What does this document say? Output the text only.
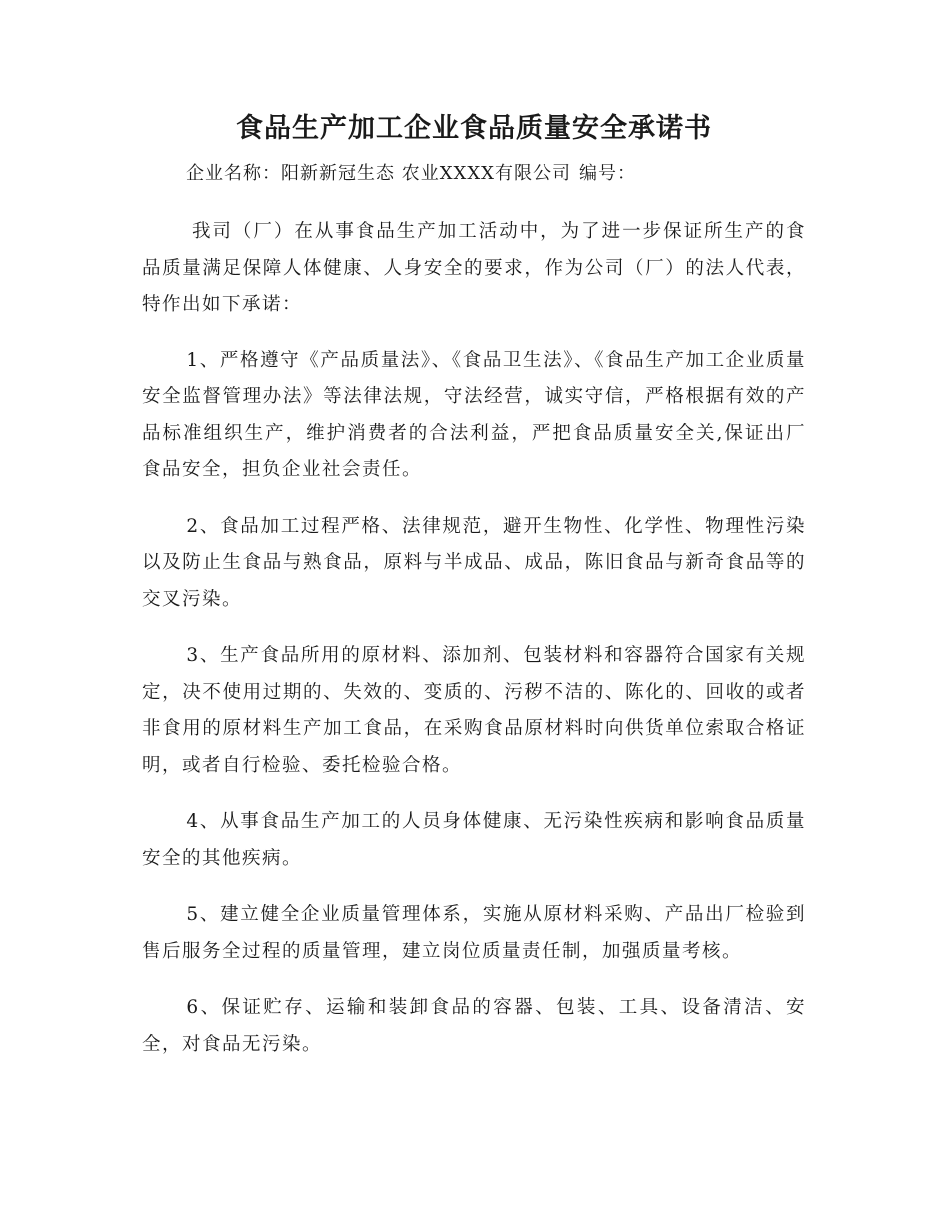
食品生产加工企业食品质量安全承诺书
企业名称：阳新新冠生态 农业XXXX有限公司 编号：

我司（厂）在从事食品生产加工活动中，为了进一步保证所生产的食品质量满足保障人体健康、人身安全的要求，作为公司（厂）的法人代表，特作出如下承诺：

1、严格遵守《产品质量法》、《食品卫生法》、《食品生产加工企业质量安全监督管理办法》等法律法规，守法经营，诚实守信，严格根据有效的产品标准组织生产，维护消费者的合法利益，严把食品质量安全关,保证出厂食品安全，担负企业社会责任。

2、食品加工过程严格、法律规范，避开生物性、化学性、物理性污染以及防止生食品与熟食品，原料与半成品、成品，陈旧食品与新奇食品等的交叉污染。

3、生产食品所用的原材料、添加剂、包装材料和容器符合国家有关规定，决不使用过期的、失效的、变质的、污秽不洁的、陈化的、回收的或者非食用的原材料生产加工食品，在采购食品原材料时向供货单位索取合格证明，或者自行检验、委托检验合格。

4、从事食品生产加工的人员身体健康、无污染性疾病和影响食品质量安全的其他疾病。

5、建立健全企业质量管理体系，实施从原材料采购、产品出厂检验到售后服务全过程的质量管理，建立岗位质量责任制，加强质量考核。

6、保证贮存、运输和装卸食品的容器、包装、工具、设备清洁、安全，对食品无污染。
